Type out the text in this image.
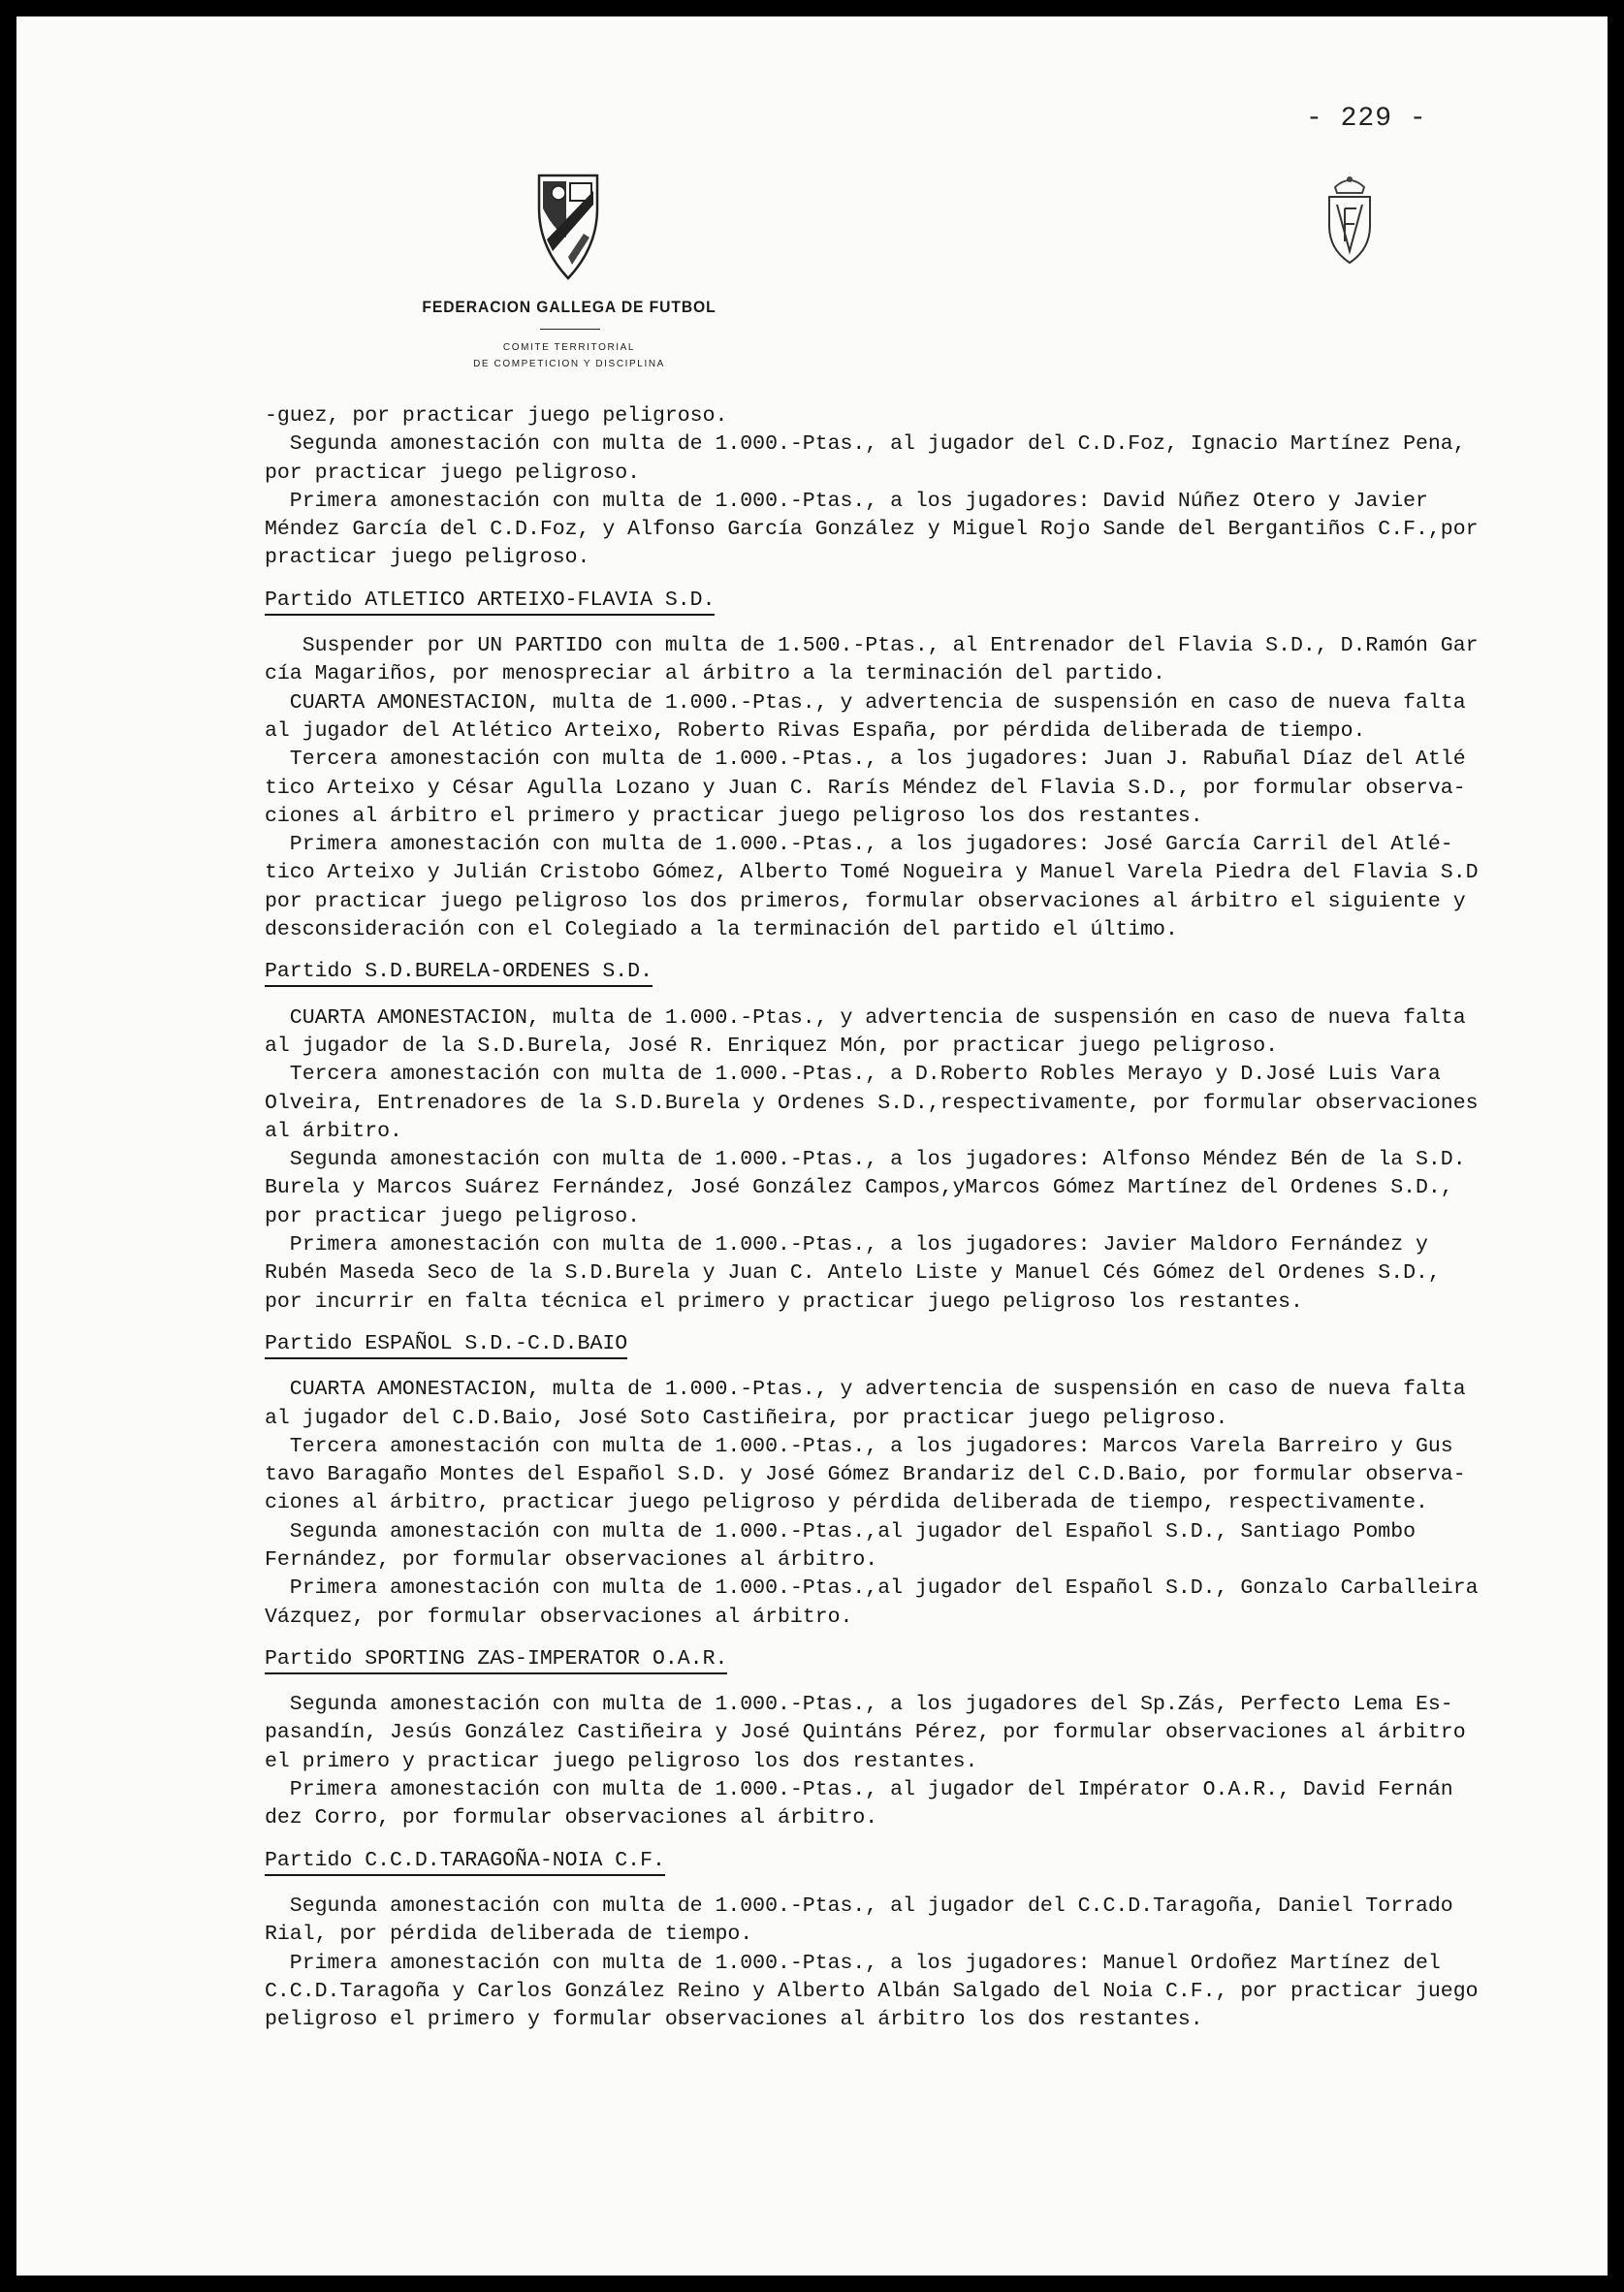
- 229 -
FEDERACION GALLEGA DE FUTBOL
COMITE TERRITORIAL
DE COMPETICION Y DISCIPLINA
-guez, por practicar juego peligroso.
Segunda amonestación con multa de 1.000.-Ptas., al jugador del C.D.Foz, Ignacio Martínez Pena,
por practicar juego peligroso.
Primera amonestación con multa de 1.000.-Ptas., a los jugadores: David Núñez Otero y Javier
Méndez García del C.D.Foz, y Alfonso García González y Miguel Rojo Sande del Bergantiños C.F.,por
practicar juego peligroso.
Partido ATLETICO ARTEIXO-FLAVIA S.D.
Suspender por UN PARTIDO con multa de 1.500.-Ptas., al Entrenador del Flavia S.D., D.Ramón Gar
cía Magariños, por menospreciar al árbitro a la terminación del partido.
CUARTA AMONESTACION, multa de 1.000.-Ptas., y advertencia de suspensión en caso de nueva falta
al jugador del Atlético Arteixo, Roberto Rivas España, por pérdida deliberada de tiempo.
Tercera amonestación con multa de 1.000.-Ptas., a los jugadores: Juan J. Rabuñal Díaz del Atlé
tico Arteixo y César Agulla Lozano y Juan C. Rarís Méndez del Flavia S.D., por formular observa-
ciones al árbitro el primero y practicar juego peligroso los dos restantes.
Primera amonestación con multa de 1.000.-Ptas., a los jugadores: José García Carril del Atlé-
tico Arteixo y Julián Cristobo Gómez, Alberto Tomé Nogueira y Manuel Varela Piedra del Flavia S.D
por practicar juego peligroso los dos primeros, formular observaciones al árbitro el siguiente y
desconsideración con el Colegiado a la terminación del partido el último.
Partido S.D.BURELA-ORDENES S.D.
CUARTA AMONESTACION, multa de 1.000.-Ptas., y advertencia de suspensión en caso de nueva falta
al jugador de la S.D.Burela, José R. Enriquez Món, por practicar juego peligroso.
Tercera amonestación con multa de 1.000.-Ptas., a D.Roberto Robles Merayo y D.José Luis Vara
Olveira, Entrenadores de la S.D.Burela y Ordenes S.D.,respectivamente, por formular observaciones
al árbitro.
Segunda amonestación con multa de 1.000.-Ptas., a los jugadores: Alfonso Méndez Bén de la S.D.
Burela y Marcos Suárez Fernández, José González Campos,yMarcos Gómez Martínez del Ordenes S.D.,
por practicar juego peligroso.
Primera amonestación con multa de 1.000.-Ptas., a los jugadores: Javier Maldoro Fernández y
Rubén Maseda Seco de la S.D.Burela y Juan C. Antelo Liste y Manuel Cés Gómez del Ordenes S.D.,
por incurrir en falta técnica el primero y practicar juego peligroso los restantes.
Partido ESPAÑOL S.D.-C.D.BAIO
CUARTA AMONESTACION, multa de 1.000.-Ptas., y advertencia de suspensión en caso de nueva falta
al jugador del C.D.Baio, José Soto Castiñeira, por practicar juego peligroso.
Tercera amonestación con multa de 1.000.-Ptas., a los jugadores: Marcos Varela Barreiro y Gus
tavo Baragaño Montes del Español S.D. y José Gómez Brandariz del C.D.Baio, por formular observa-
ciones al árbitro, practicar juego peligroso y pérdida deliberada de tiempo, respectivamente.
Segunda amonestación con multa de 1.000.-Ptas.,al jugador del Español S.D., Santiago Pombo
Fernández, por formular observaciones al árbitro.
Primera amonestación con multa de 1.000.-Ptas.,al jugador del Español S.D., Gonzalo Carballeira
Vázquez, por formular observaciones al árbitro.
Partido SPORTING ZAS-IMPERATOR O.A.R.
Segunda amonestación con multa de 1.000.-Ptas., a los jugadores del Sp.Zás, Perfecto Lema Es-
pasandín, Jesús González Castiñeira y José Quintáns Pérez, por formular observaciones al árbitro
el primero y practicar juego peligroso los dos restantes.
Primera amonestación con multa de 1.000.-Ptas., al jugador del Impérator O.A.R., David Fernán
dez Corro, por formular observaciones al árbitro.
Partido C.C.D.TARAGOÑA-NOIA C.F.
Segunda amonestación con multa de 1.000.-Ptas., al jugador del C.C.D.Taragoña, Daniel Torrado
Rial, por pérdida deliberada de tiempo.
Primera amonestación con multa de 1.000.-Ptas., a los jugadores: Manuel Ordoñez Martínez del
C.C.D.Taragoña y Carlos González Reino y Alberto Albán Salgado del Noia C.F., por practicar juego
peligroso el primero y formular observaciones al árbitro los dos restantes.
